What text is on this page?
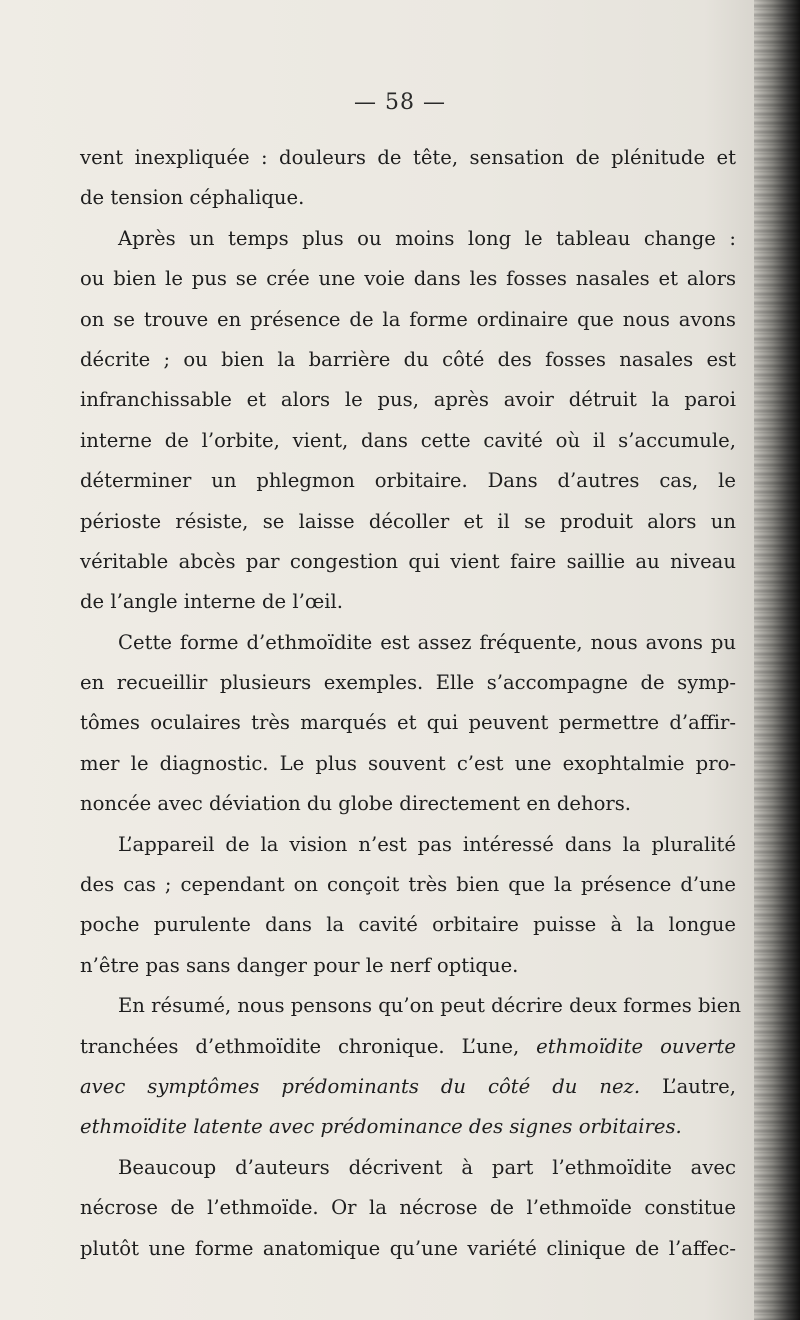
— 58 —
vent inexpliquée : douleurs de tête, sensation de plénitude et
de tension céphalique.
Après un temps plus ou moins long le tableau change :
ou bien le pus se crée une voie dans les fosses nasales et alors
on se trouve en présence de la forme ordinaire que nous avons
décrite ; ou bien la barrière du côté des fosses nasales est
infranchissable et alors le pus, après avoir détruit la paroi
interne de l’orbite, vient, dans cette cavité où il s’accumule,
déterminer un phlegmon orbitaire. Dans d’autres cas, le
périoste résiste, se laisse décoller et il se produit alors un
véritable abcès par congestion qui vient faire saillie au niveau
de l’angle interne de l’œil.
Cette forme d’ethmoïdite est assez fréquente, nous avons pu
en recueillir plusieurs exemples. Elle s’accompagne de symp-
tômes oculaires très marqués et qui peuvent permettre d’affir-
mer le diagnostic. Le plus souvent c’est une exophtalmie pro-
noncée avec déviation du globe directement en dehors.
L’appareil de la vision n’est pas intéressé dans la pluralité
des cas ; cependant on conçoit très bien que la présence d’une
poche purulente dans la cavité orbitaire puisse à la longue
n’être pas sans danger pour le nerf optique.
En résumé, nous pensons qu’on peut décrire deux formes bien
tranchées d’ethmoïdite chronique. L’une, ethmoïdite ouverte
avec symptômes prédominants du côté du nez. L’autre,
ethmoïdite latente avec prédominance des signes orbitaires.
Beaucoup d’auteurs décrivent à part l’ethmoïdite avec
nécrose de l’ethmoïde. Or la nécrose de l’ethmoïde constitue
plutôt une forme anatomique qu’une variété clinique de l’affec-
